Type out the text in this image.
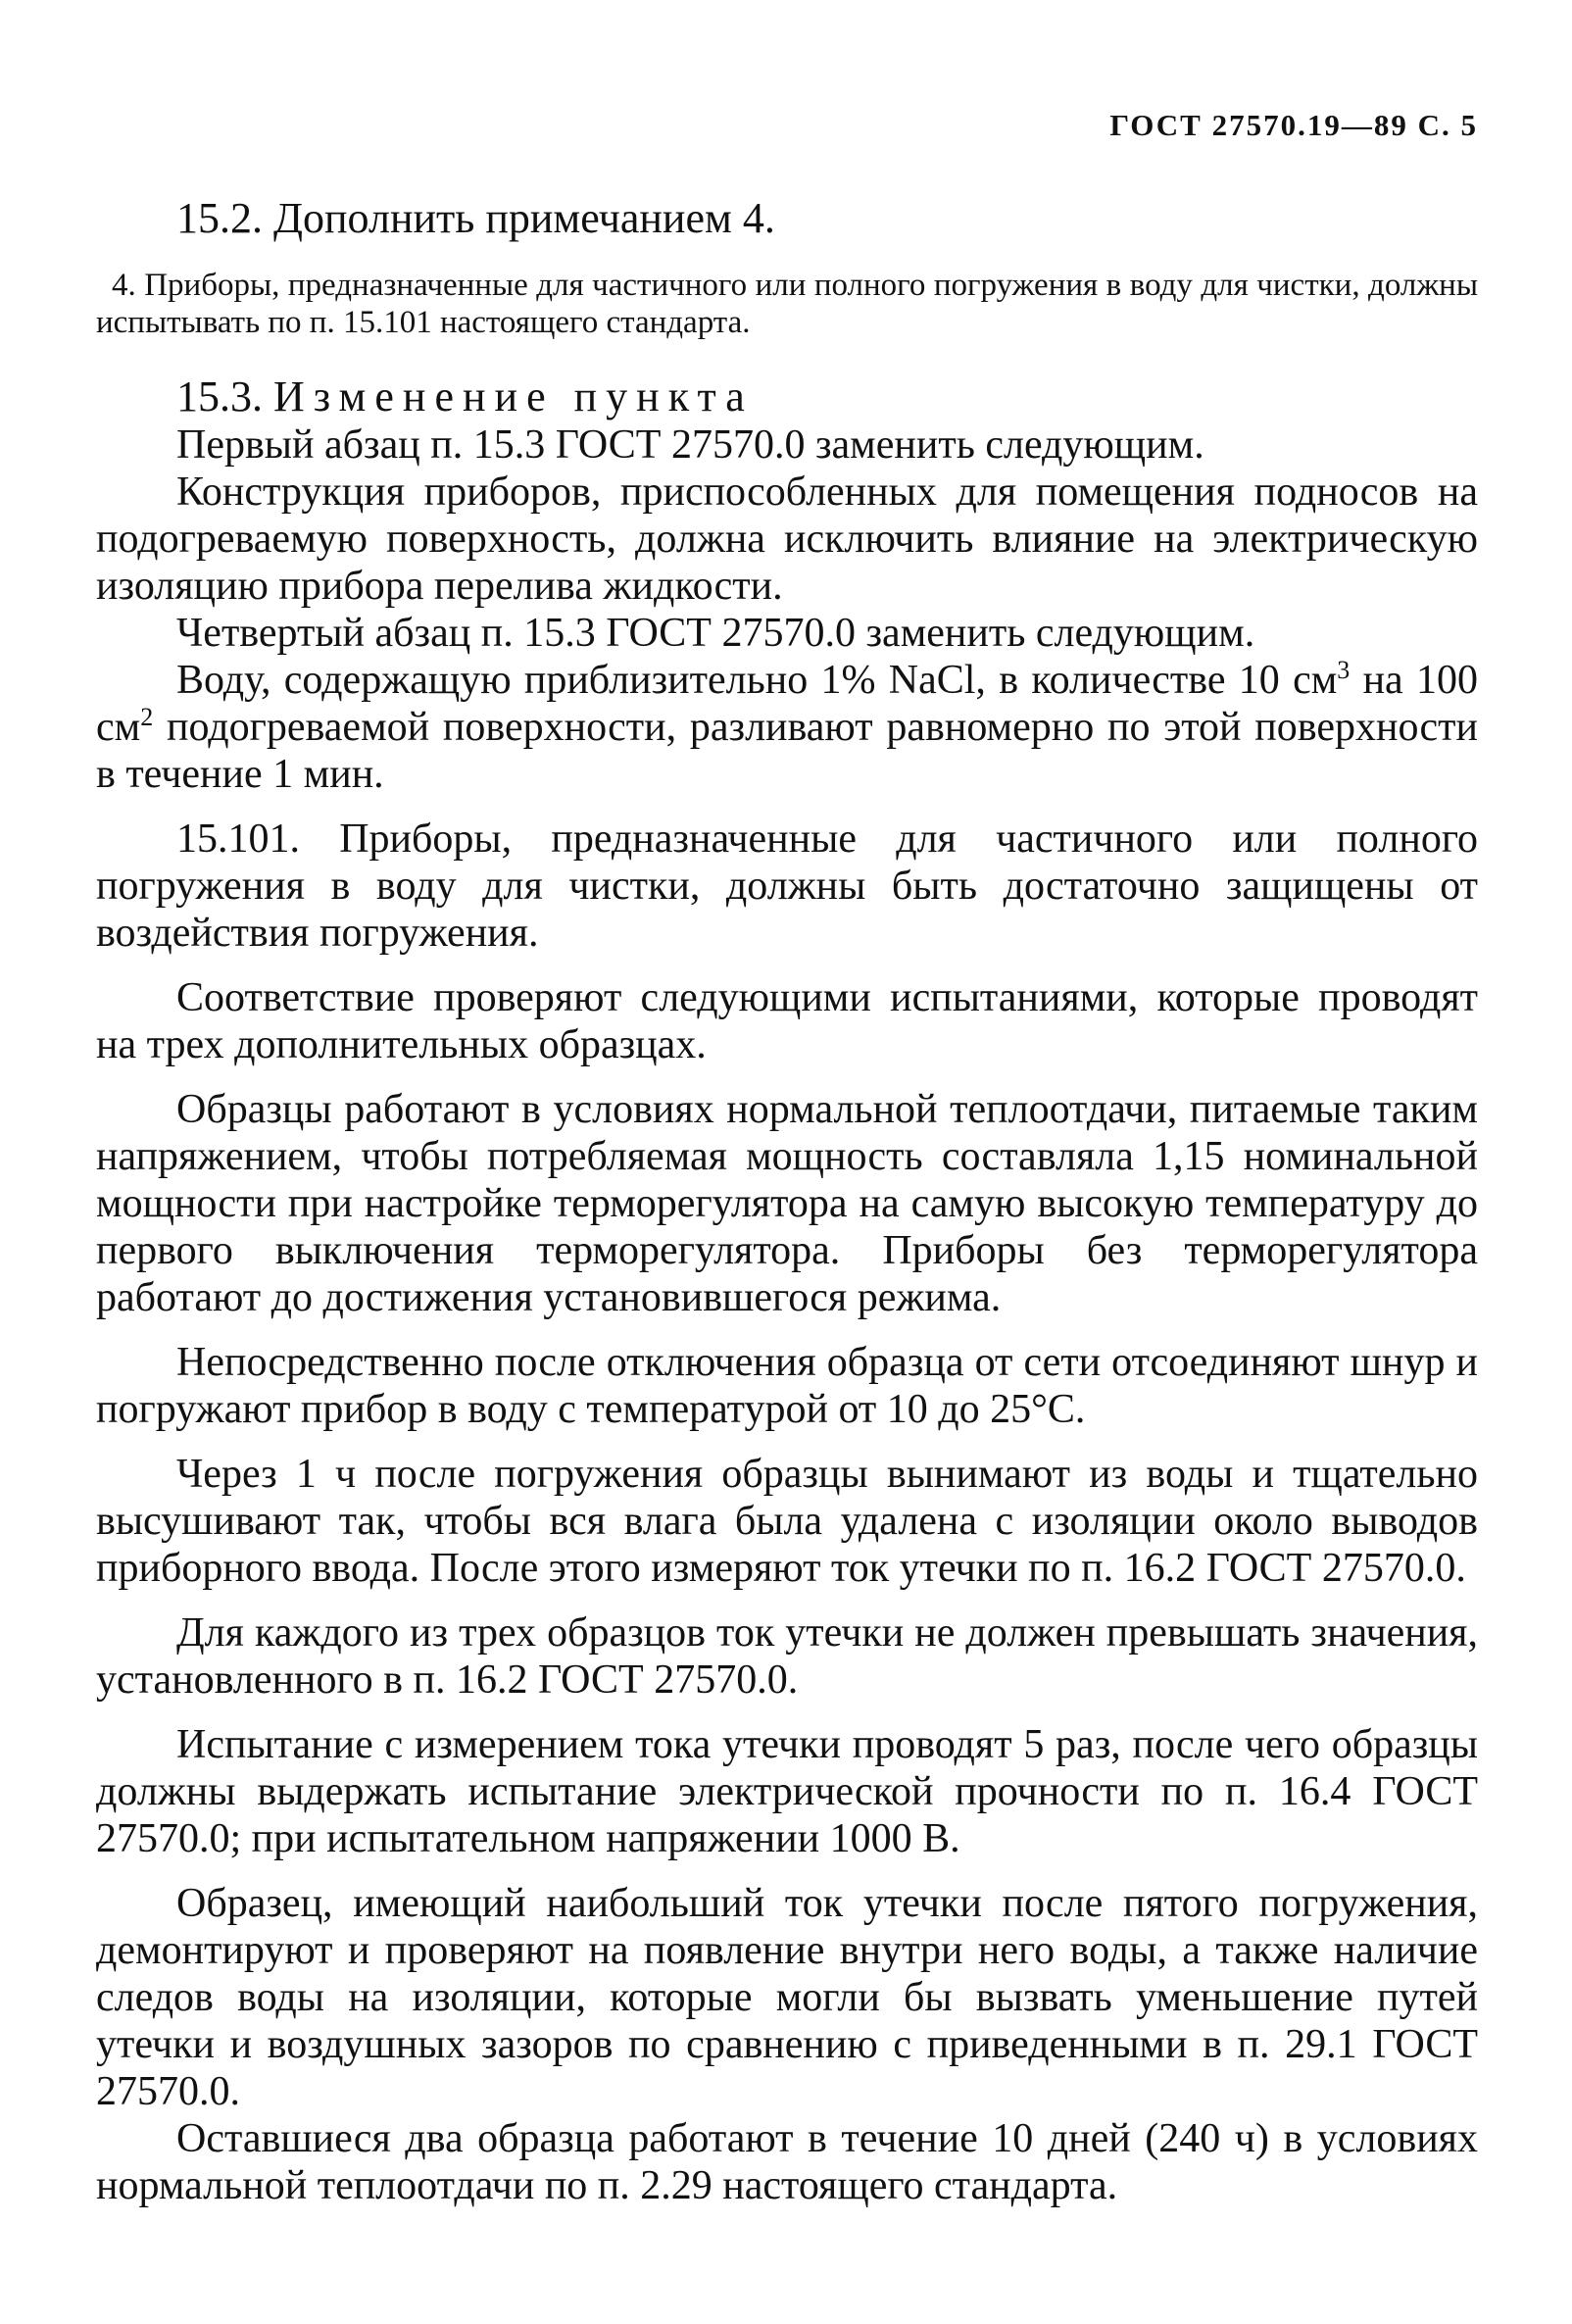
ГОСТ 27570.19—89 С. 5

15.2. Дополнить примечанием 4.

4. Приборы, предназначенные для частичного или полного погружения в воду для чистки, должны испытывать по п. 15.101 настоящего стандарта.

15.3. Изменение пункта

Первый абзац п. 15.3 ГОСТ 27570.0 заменить следующим.

Конструкция приборов, приспособленных для помещения подносов на подогреваемую поверхность, должна исключить влияние на электрическую изоляцию прибора перелива жидкости.

Четвертый абзац п. 15.3 ГОСТ 27570.0 заменить следующим.

Воду, содержащую приблизительно 1% NaCl, в количестве 10 $см^3$ на 100 $см^2$ подогреваемой поверхности, разливают равномерно по этой поверхности в течение 1 мин.

15.101. Приборы, предназначенные для частичного или полного погружения в воду для чистки, должны быть достаточно защищены от воздействия погружения.

Соответствие проверяют следующими испытаниями, которые проводят на трех дополнительных образцах.

Образцы работают в условиях нормальной теплоотдачи, питаемые таким напряжением, чтобы потребляемая мощность составляла 1,15 номинальной мощности при настройке терморегулятора на самую высокую температуру до первого выключения терморегулятора. Приборы без терморегулятора работают до достижения установившегося режима.

Непосредственно после отключения образца от сети отсоединяют шнур и погружают прибор в воду с температурой от 10 до 25°С.

Через 1 ч после погружения образцы вынимают из воды и тщательно высушивают так, чтобы вся влага была удалена с изоляции около выводов приборного ввода. После этого измеряют ток утечки по п. 16.2 ГОСТ 27570.0.

Для каждого из трех образцов ток утечки не должен превышать значения, установленного в п. 16.2 ГОСТ 27570.0.

Испытание с измерением тока утечки проводят 5 раз, после чего образцы должны выдержать испытание электрической прочности по п. 16.4 ГОСТ 27570.0; при испытательном напряжении 1000 В.

Образец, имеющий наибольший ток утечки после пятого погружения, демонтируют и проверяют на появление внутри него воды, а также наличие следов воды на изоляции, которые могли бы вызвать уменьшение путей утечки и воздушных зазоров по сравнению с приведенными в п. 29.1 ГОСТ 27570.0.

Оставшиеся два образца работают в течение 10 дней (240 ч) в условиях нормальной теплоотдачи по п. 2.29 настоящего стандарта.
